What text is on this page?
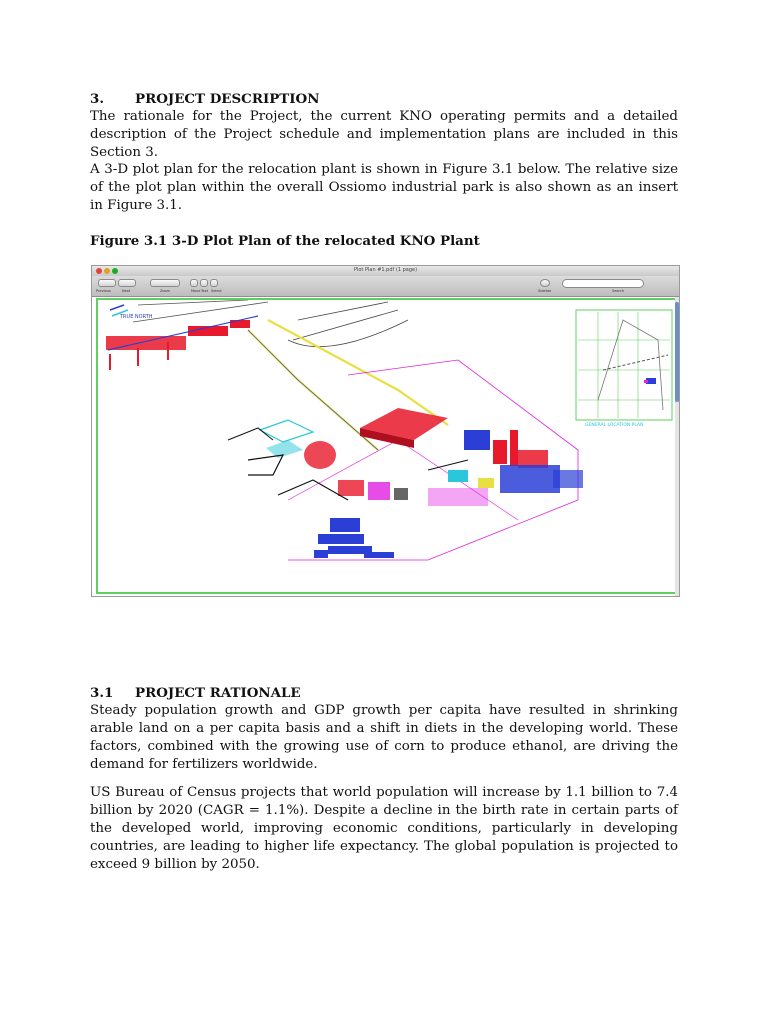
3. PROJECT DESCRIPTION

The rationale for the Project, the current KNO operating permits and a detailed description of the Project schedule and implementation plans are included in this Section 3.

A 3-D plot plan for the relocation plant is shown in Figure 3.1 below. The relative size of the plot plan within the overall Ossiomo industrial park is also shown as an insert in Figure 3.1.

Figure 3.1 3-D Plot Plan of the relocated KNO Plant
Plot Plan #1.pdf (1 page)
Previous	Next	Zoom	Move Text Select	Sidebar	Search
TRUE NORTH
GENERAL LOCATION PLAN
3.1 PROJECT RATIONALE

Steady population growth and GDP growth per capita have resulted in shrinking arable land on a per capita basis and a shift in diets in the developing world. These factors, combined with the growing use of corn to produce ethanol, are driving the demand for fertilizers worldwide.

US Bureau of Census projects that world population will increase by 1.1 billion to 7.4 billion by 2020 (CAGR = 1.1%). Despite a decline in the birth rate in certain parts of the developed world, improving economic conditions, particularly in developing countries, are leading to higher life expectancy. The global population is projected to exceed 9 billion by 2050.
